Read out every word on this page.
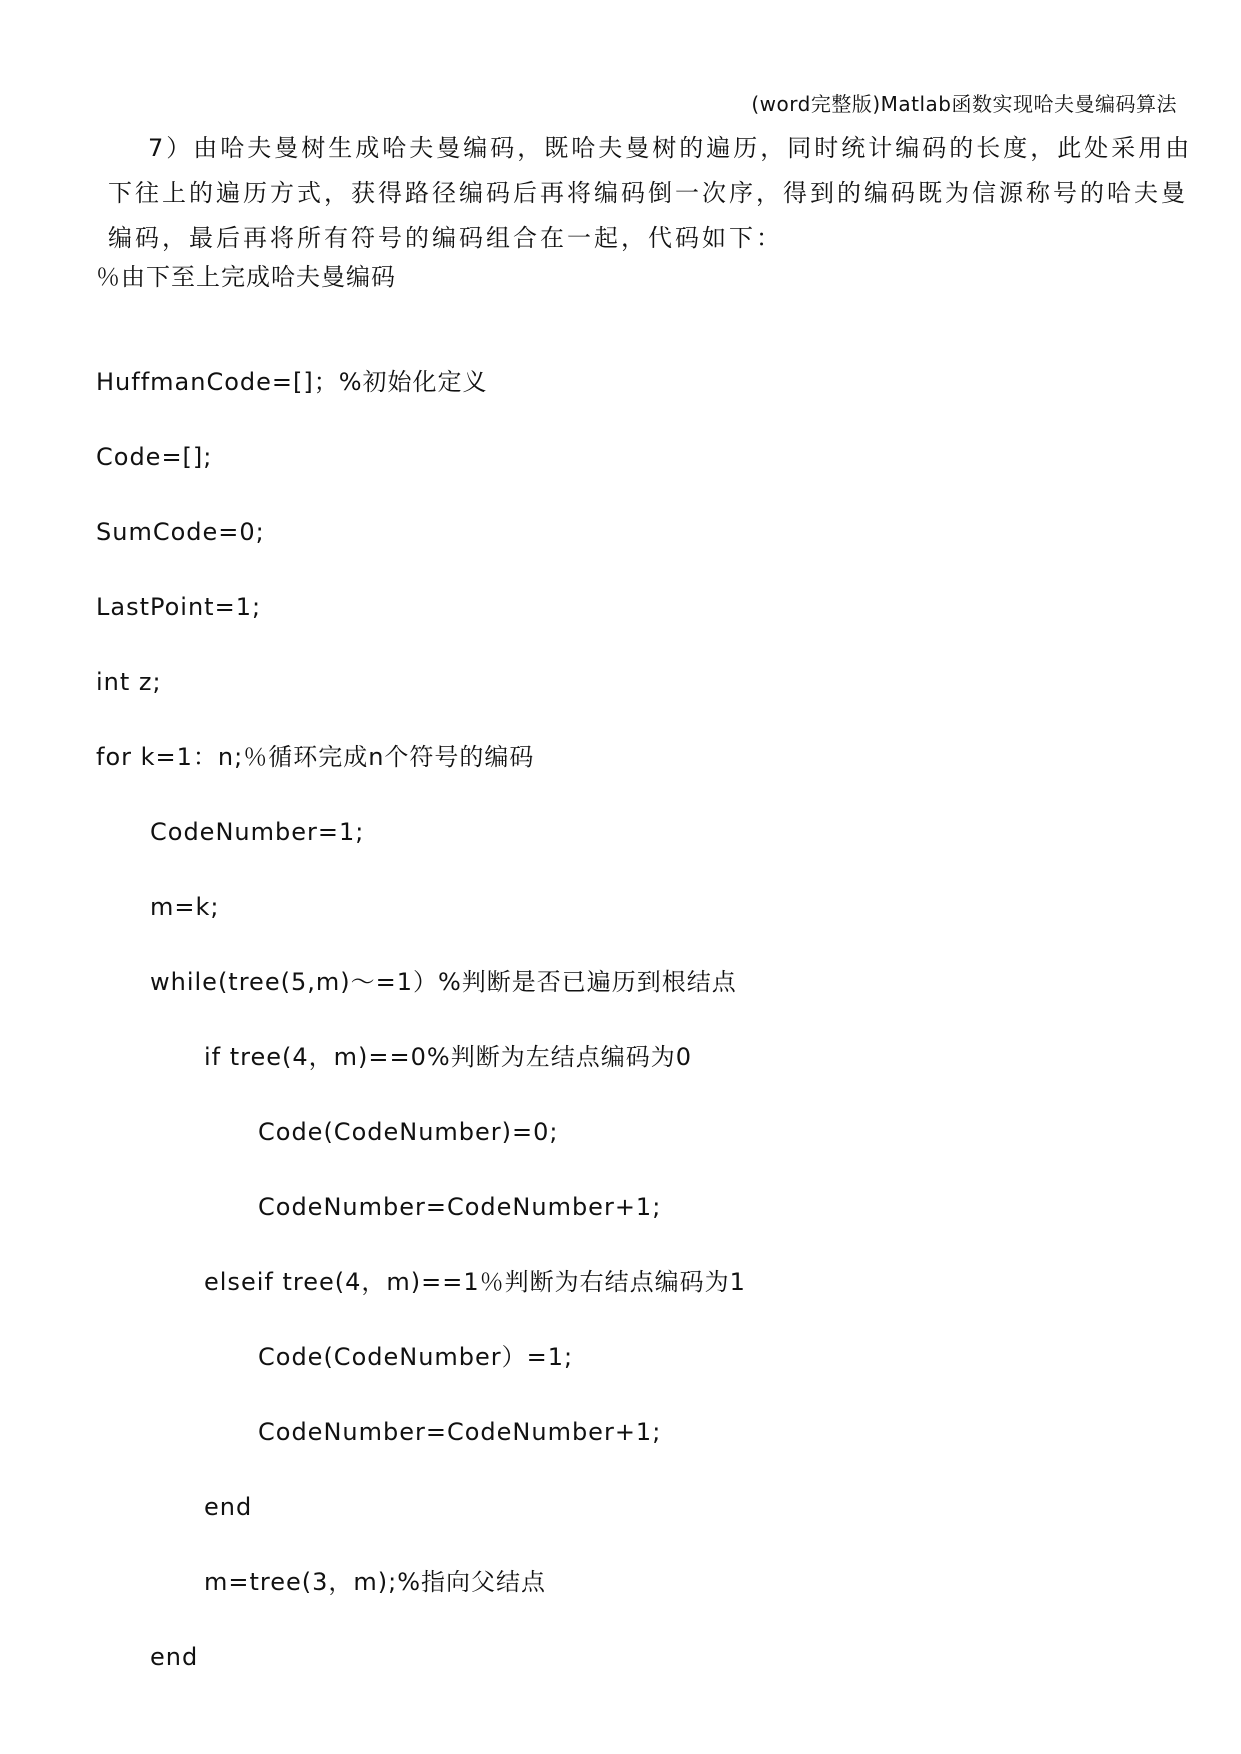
(word完整版)Matlab函数实现哈夫曼编码算法
7）由哈夫曼树生成哈夫曼编码，既哈夫曼树的遍历，同时统计编码的长度，此处采用由
下往上的遍历方式，获得路径编码后再将编码倒一次序，得到的编码既为信源称号的哈夫曼
编码，最后再将所有符号的编码组合在一起，代码如下：
％由下至上完成哈夫曼编码
HuffmanCode=[]；%初始化定义
Code=[];
SumCode=0;
LastPoint=1;
int z;
for k=1：n;％循环完成n个符号的编码
CodeNumber=1;
m=k;
while(tree(5,m)～=1）%判断是否已遍历到根结点
if tree(4，m)==0%判断为左结点编码为0
Code(CodeNumber)=0;
CodeNumber=CodeNumber+1;
elseif tree(4，m)==1％判断为右结点编码为1
Code(CodeNumber）=1;
CodeNumber=CodeNumber+1;
end
m=tree(3，m);%指向父结点
end
